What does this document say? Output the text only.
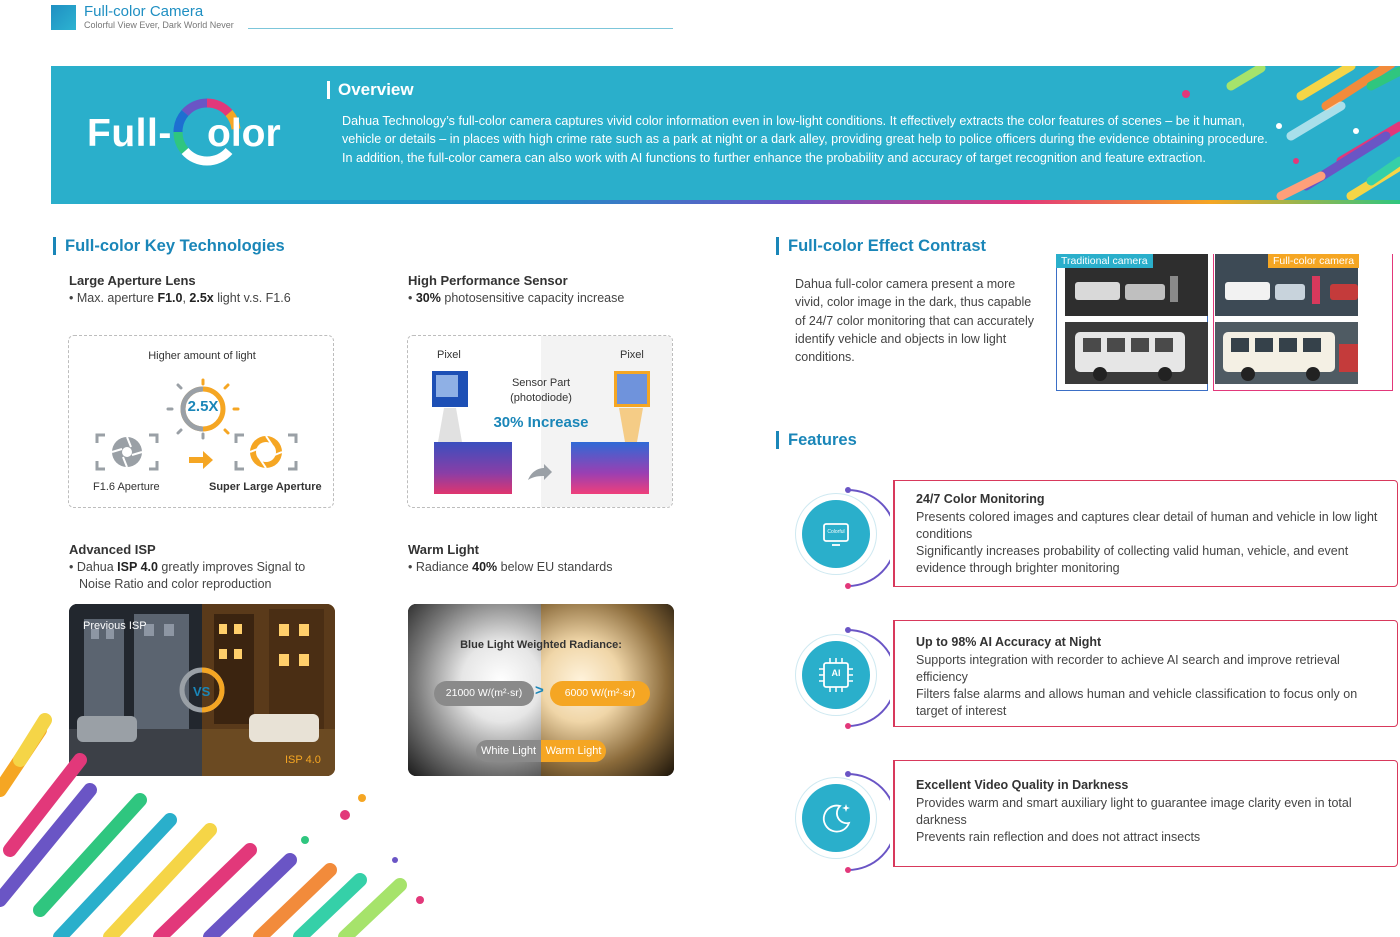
Full-color Camera
Colorful View Ever, Dark World Never
Full- olor
Overview

Dahua Technology’s full-color camera captures vivid color information even in low-light conditions. It effectively extracts the color features of scenes – be it human, vehicle or details – in places with high crime rate such as a park at night or a dark alley, providing great help to police officers during the evidence obtaining procedure.

In addition, the full-color camera can also work with AI functions to further enhance the probability and accuracy of target recognition and feature extraction.

Full-color Key Technologies
Large Aperture Lens
• Max. aperture F1.0, 2.5x light v.s. F1.6
Higher amount of light
2.5X
F1.6 Aperture	Super Large Aperture
High Performance Sensor
• 30% photosensitive capacity increase
Pixel	Pixel
Sensor Part
(photodiode)
30% Increase
Advanced ISP
• Dahua ISP 4.0 greatly improves Signal to
Noise Ratio and color reproduction
VS
Previous ISP
ISP 4.0
Warm Light
• Radiance 40% below EU standards
Blue Light Weighted Radiance:
21000 W/(m²·sr) >	6000 W/(m²·sr)
White Light Warm Light
Full-color Effect Contrast
Dahua full-color camera present a more vivid, color image in the dark, thus capable of 24/7 color monitoring that can accurately identify vehicle and objects in low light conditions.
Traditional camera	Full-color camera
Features
Colorful
24/7 Color Monitoring
Presents colored images and captures clear detail of human and vehicle in low light conditions
Significantly increases probability of collecting valid human, vehicle, and event evidence through brighter monitoring
AI
Up to 98% AI Accuracy at Night
Supports integration with recorder to achieve AI search and improve retrieval efficiency
Filters false alarms and allows human and vehicle classification to focus only on target of interest
Excellent Video Quality in Darkness
Provides warm and smart auxiliary light to guarantee image clarity even in total darkness
Prevents rain reflection and does not attract insects
